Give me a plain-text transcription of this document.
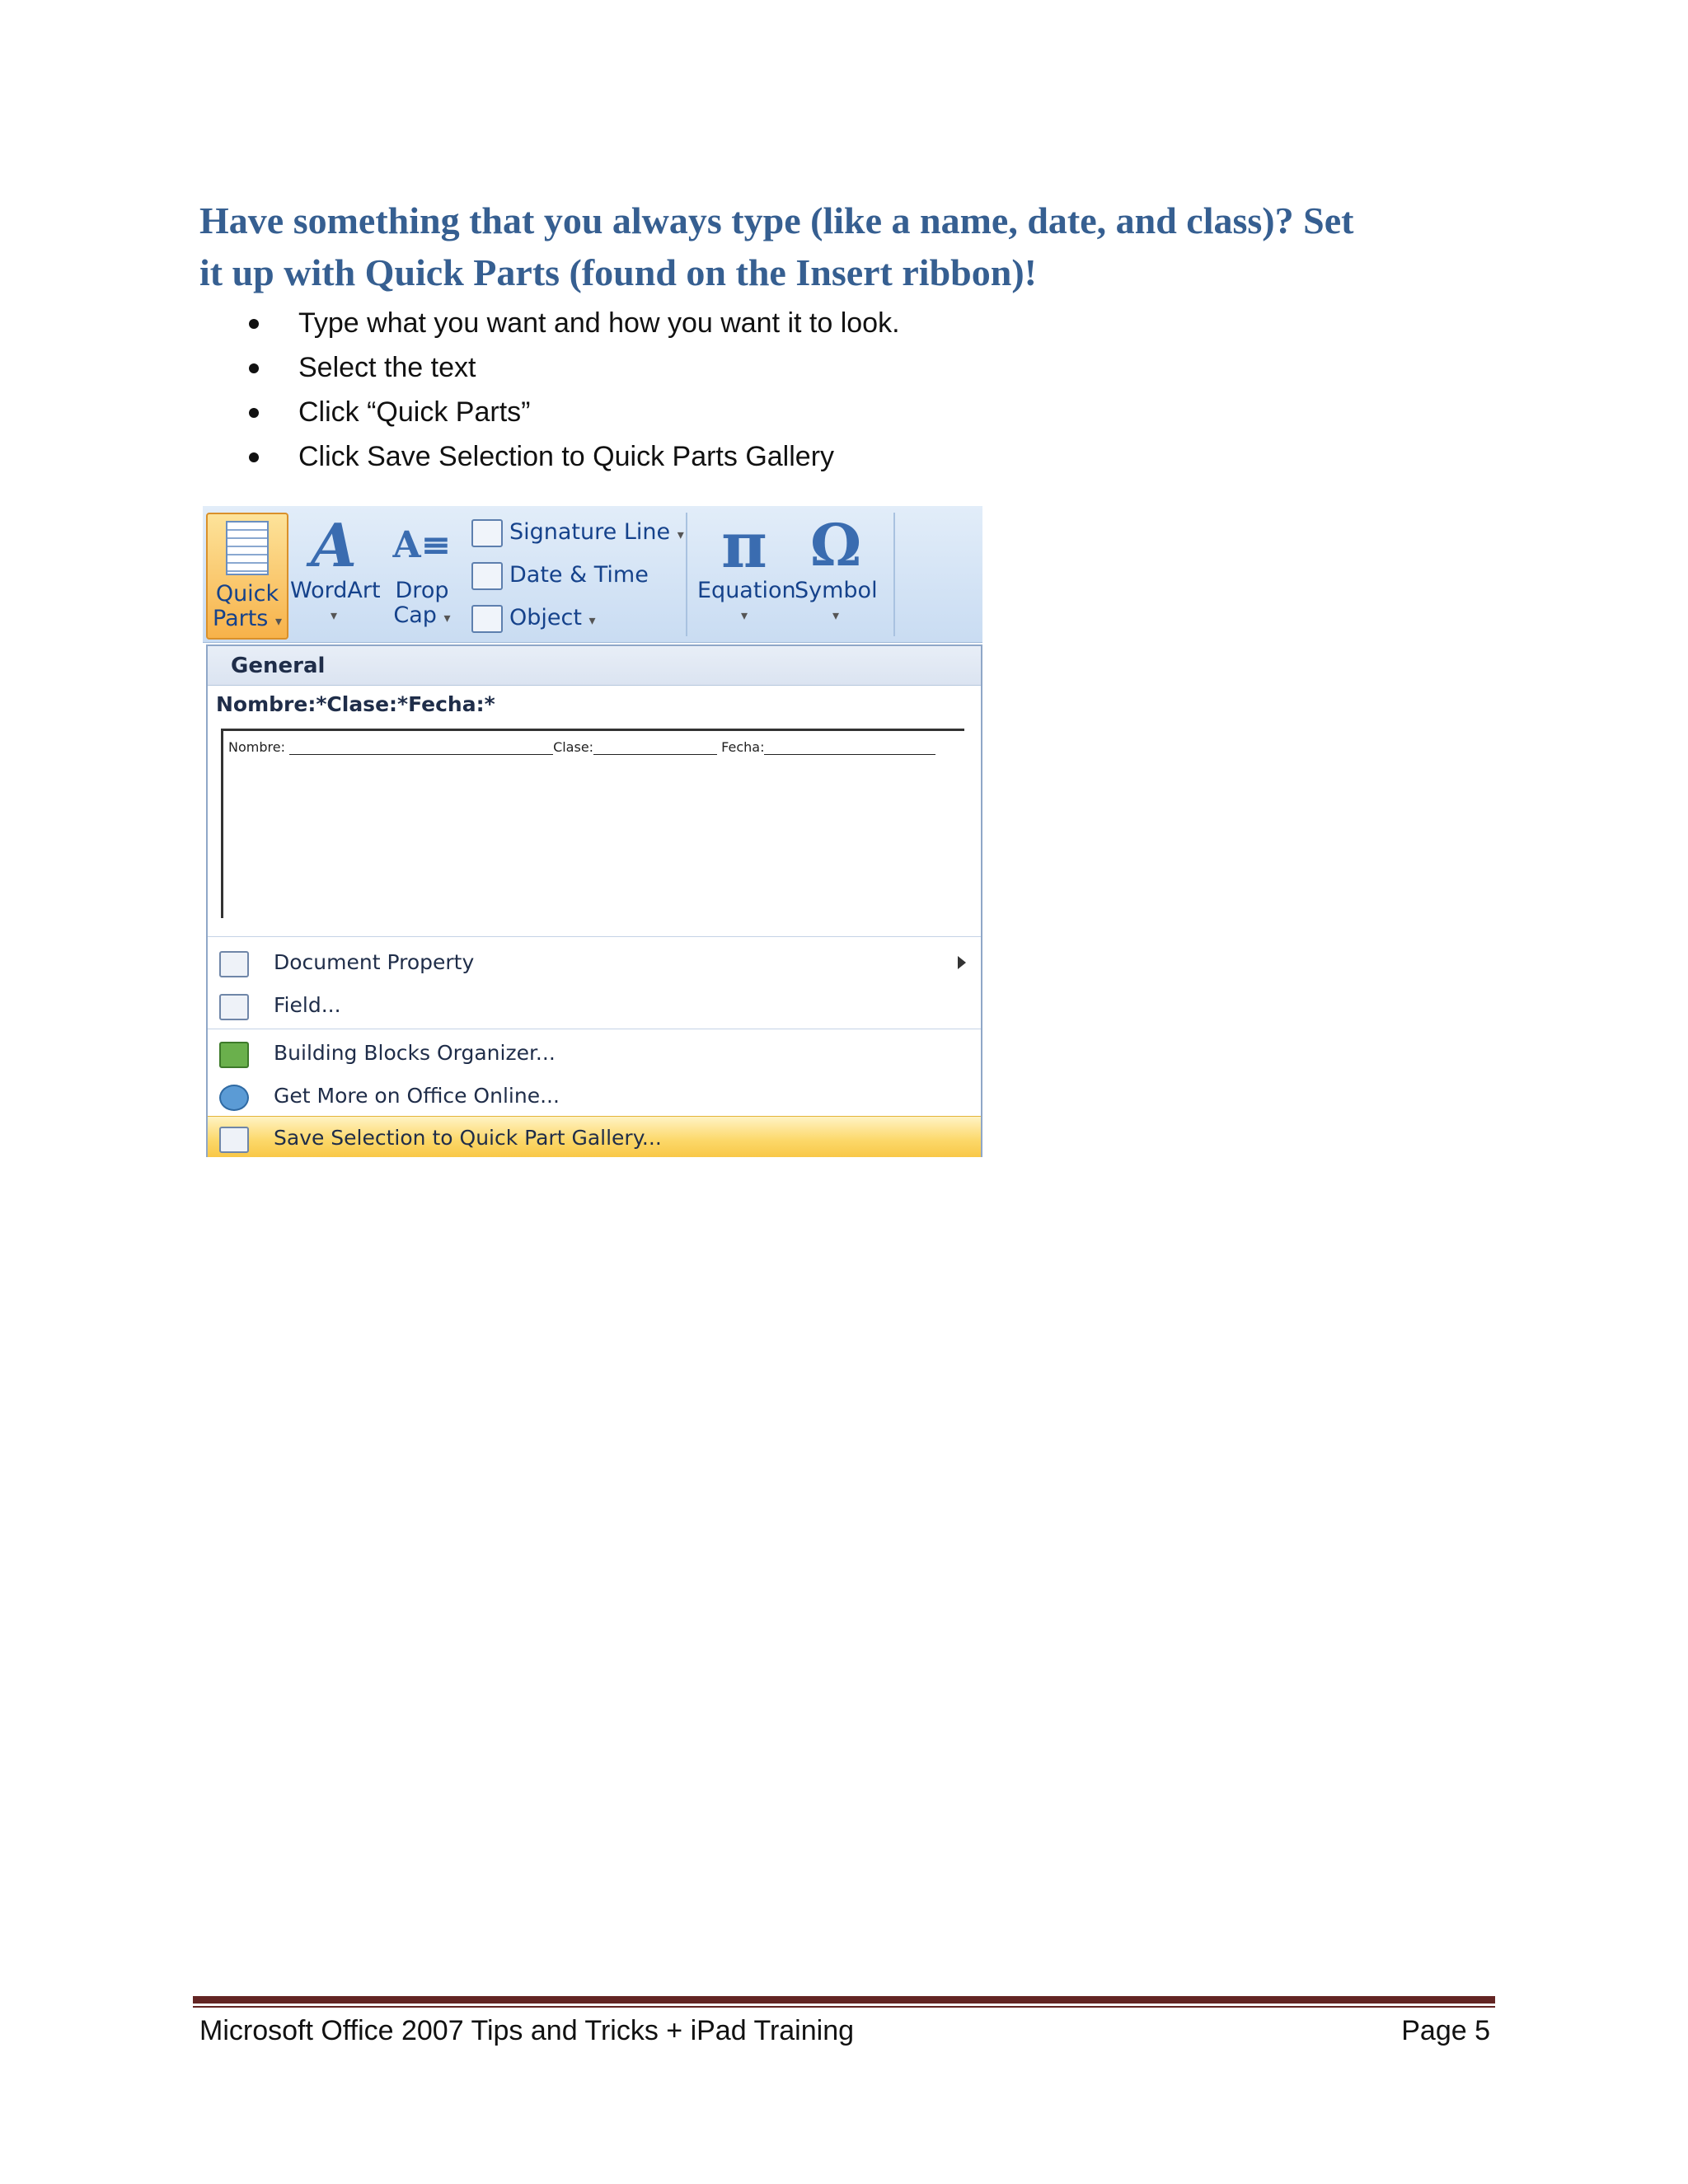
Have something that you always type (like a name, date, and class)? Set
it up with Quick Parts (found on the Insert ribbon)!
Type what you want and how you want it to look.
Select the text
Click “Quick Parts”
Click Save Selection to Quick Parts Gallery
Quick
Parts ▾
A
WordArt
▾
A≡
Drop
Cap ▾
Signature Line ▾
Date & Time
Object ▾
π
Equation
▾
Ω
Symbol
▾
General
Nombre:*Clase:*Fecha:*
Nombre:	Clase:	Fecha:
Document Property
Field...
Building Blocks Organizer...
Get More on Office Online...
Save Selection to Quick Part Gallery...
Microsoft Office 2007 Tips and Tricks + iPad Training	Page 5
